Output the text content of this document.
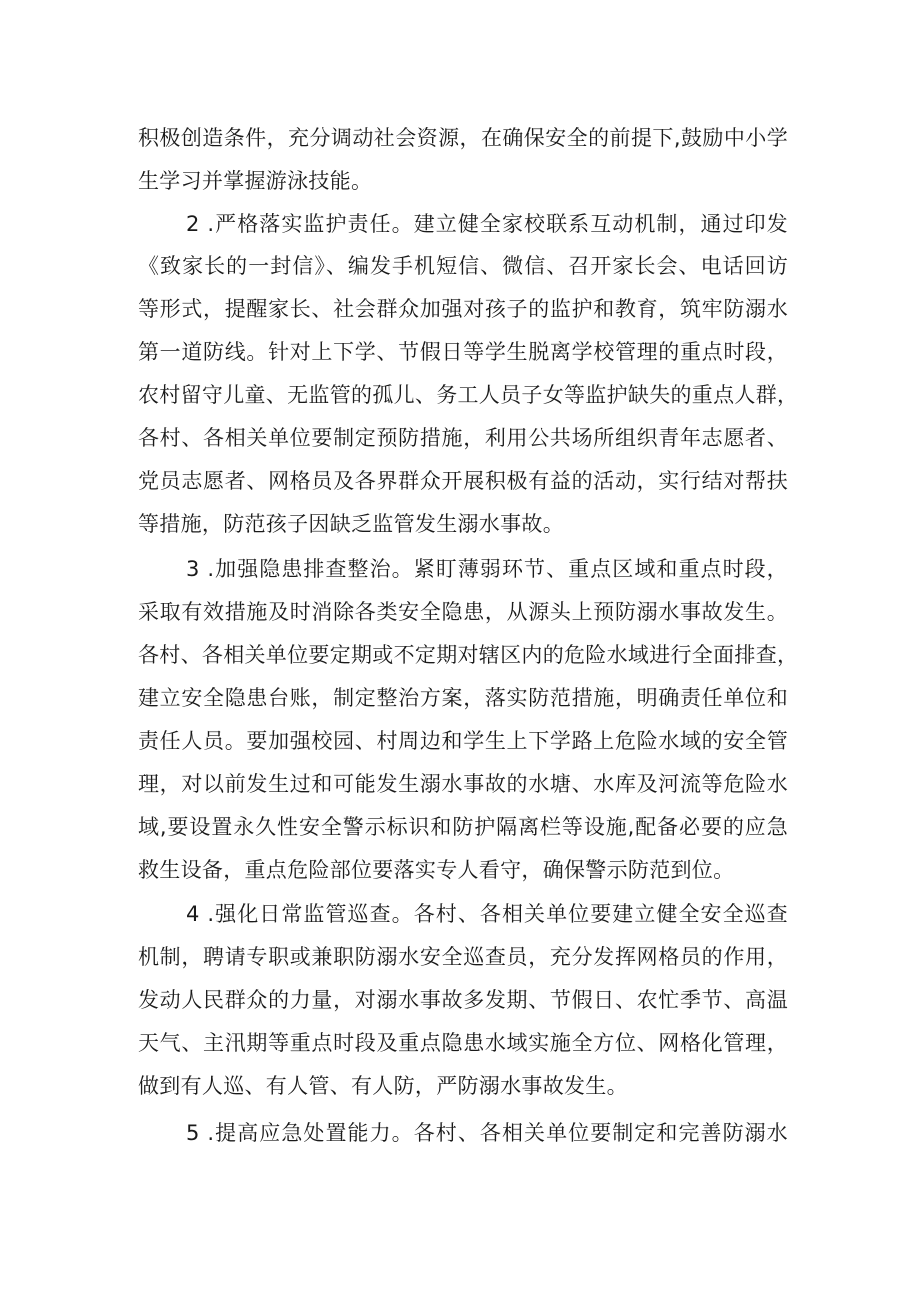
积极创造条件，充分调动社会资源，在确保安全的前提下,鼓励中小学
生学习并掌握游泳技能。
2 .严格落实监护责任。建立健全家校联系互动机制，通过印发
《致家长的一封信》、编发手机短信、微信、召开家长会、电话回访
等形式，提醒家长、社会群众加强对孩子的监护和教育，筑牢防溺水
第一道防线。针对上下学、节假日等学生脱离学校管理的重点时段，
农村留守儿童、无监管的孤儿、务工人员子女等监护缺失的重点人群，
各村、各相关单位要制定预防措施，利用公共场所组织青年志愿者、
党员志愿者、网格员及各界群众开展积极有益的活动，实行结对帮扶
等措施，防范孩子因缺乏监管发生溺水事故。
3 .加强隐患排查整治。紧盯薄弱环节、重点区域和重点时段，
采取有效措施及时消除各类安全隐患，从源头上预防溺水事故发生。
各村、各相关单位要定期或不定期对辖区内的危险水域进行全面排查，
建立安全隐患台账，制定整治方案，落实防范措施，明确责任单位和
责任人员。要加强校园、村周边和学生上下学路上危险水域的安全管
理，对以前发生过和可能发生溺水事故的水塘、水库及河流等危险水
域,要设置永久性安全警示标识和防护隔离栏等设施,配备必要的应急
救生设备，重点危险部位要落实专人看守，确保警示防范到位。
4 .强化日常监管巡查。各村、各相关单位要建立健全安全巡查
机制，聘请专职或兼职防溺水安全巡查员，充分发挥网格员的作用，
发动人民群众的力量，对溺水事故多发期、节假日、农忙季节、高温
天气、主汛期等重点时段及重点隐患水域实施全方位、网格化管理，
做到有人巡、有人管、有人防，严防溺水事故发生。
5 .提高应急处置能力。各村、各相关单位要制定和完善防溺水
